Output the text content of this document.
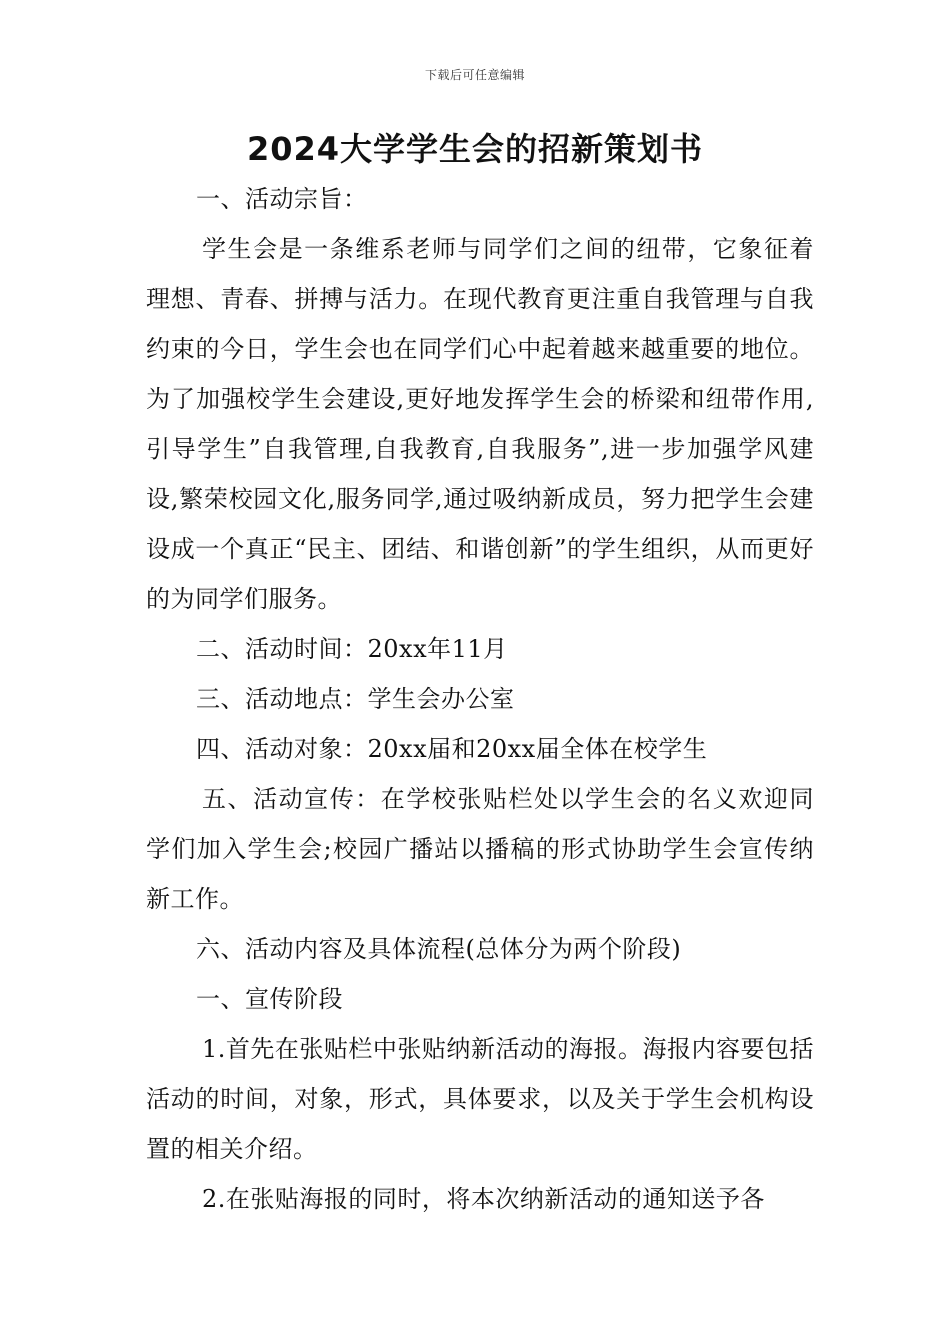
下载后可任意编辑
2024大学学生会的招新策划书

一、活动宗旨：

学生会是一条维系老师与同学们之间的纽带，它象征着理想、青春、拼搏与活力。在现代教育更注重自我管理与自我约束的今日，学生会也在同学们心中起着越来越重要的地位。为了加强校学生会建设,更好地发挥学生会的桥梁和纽带作用,引导学生”自我管理,自我教育,自我服务”,进一步加强学风建设,繁荣校园文化,服务同学,通过吸纳新成员，努力把学生会建设成一个真正“民主、团结、和谐创新”的学生组织，从而更好的为同学们服务。

二、活动时间：20xx年11月

三、活动地点：学生会办公室

四、活动对象：20xx届和20xx届全体在校学生

五、活动宣传：在学校张贴栏处以学生会的名义欢迎同学们加入学生会;校园广播站以播稿的形式协助学生会宣传纳新工作。

六、活动内容及具体流程(总体分为两个阶段)

一、宣传阶段

1.首先在张贴栏中张贴纳新活动的海报。海报内容要包括活动的时间，对象，形式，具体要求，以及关于学生会机构设置的相关介绍。

2.在张贴海报的同时，将本次纳新活动的通知送予各
